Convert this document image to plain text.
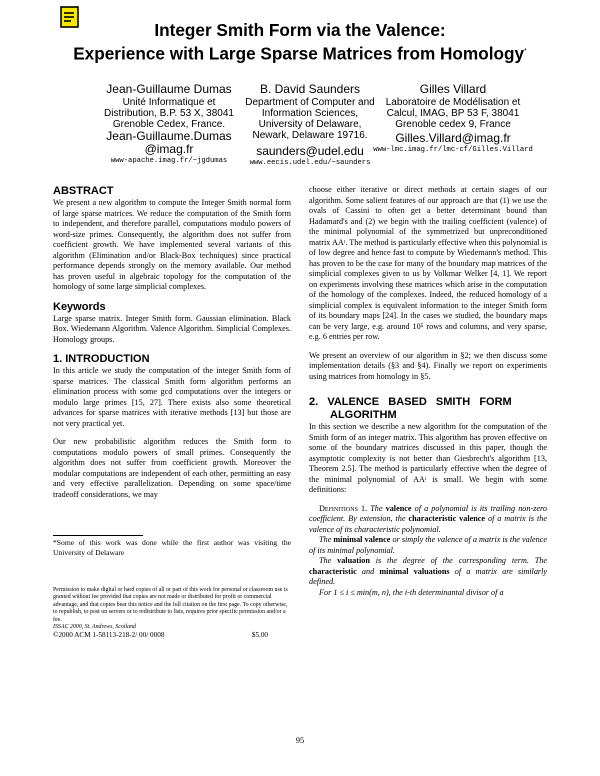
Integer Smith Form via the Valence:
Experience with Large Sparse Matrices from Homology*
Jean-Guillaume Dumas
Unité Informatique et
Distribution, B.P. 53 X, 38041
Grenoble Cedex, France.
Jean-Guillaume.Dumas
@imag.fr
www-apache.imag.fr/~jgdumas
B. David Saunders
Department of Computer and
Information Sciences,
University of Delaware,
Newark, Delaware 19716.
saunders@udel.edu
www.eecis.udel.edu/~saunders
Gilles Villard
Laboratoire de Modélisation et
Calcul, IMAG, BP 53 F, 38041
Grenoble cedex 9, France
Gilles.Villard@imag.fr
www-lmc.imag.fr/lmc-cf/Gilles.Villard
ABSTRACT

We present a new algorithm to compute the Integer Smith normal form of large sparse matrices. We reduce the computation of the Smith form to independent, and therefore parallel, computations modulo powers of word-size primes. Consequently, the algorithm does not suffer from coefficient growth. We have implemented several variants of this algorithm (Elimination and/or Black-Box techniques) since practical performance depends strongly on the memory available. Our method has proven useful in algebraic topology for the computation of the homology of some large simplicial complexes.

Keywords

Large sparse matrix. Integer Smith form. Gaussian elimination. Black Box. Wiedemann Algorithm. Valence Algorithm. Simplicial Complexes. Homology groups.

1. INTRODUCTION

In this article we study the computation of the integer Smith form of sparse matrices. The classical Smith form algorithm performs an elimination process with some gcd computations over the integers or modulo large primes [15, 27]. There exists also some theoretical advances for sparse matrices with iterative methods [13] but those are not very practical yet.

Our new probabilistic algorithm reduces the Smith form to computations modulo powers of small primes. Consequently the algorithm does not suffer from coefficient growth. Moreover the modular computations are independent of each other, permitting an easy and very effective parallelization. Depending on some space/time tradeoff considerations, we may

*Some of this work was done while the first author was visiting the University of Delaware

Permission to make digital or hard copies of all or part of this work for personal or classroom use is granted without fee provided that copies are not made or distributed for profit or commercial advantage, and that copies bear this notice and the full citation on the first page. To copy otherwise, to republish, to post on servers or to redistribute to lists, requires prior specific permission and/or a fee.

ISSAC 2000, St. Andrews, Scotland

©2000 ACM 1-58113-218-2/ 00/ 0008	$5.00

choose either iterative or direct methods at certain stages of our algorithm. Some salient features of our approach are that (1) we use the ovals of Cassini to often get a better determinant bound than Hadamard's and (2) we begin with the trailing coefficient (valence) of the minimal polynomial of the symmetrized but unpreconditioned matrix AAᵗ. The method is particularly effective when this polynomial is of low degree and hence fast to compute by Wiedemann's method. This has proven to be the case for many of the boundary map matrices of the simplicial complexes given to us by Volkmar Welker [4, 1]. We report on experiments involving these matrices which arise in the computation of the homology of the complexes. Indeed, the reduced homology of a simplicial complex is equivalent information to the integer Smith form of its boundary maps [24]. In the cases we studied, the boundary maps can be very large, e.g. around 10⁵ rows and columns, and very sparse, e.g. 6 entries per row.

We present an overview of our algorithm in §2; we then discuss some implementation details (§3 and §4). Finally we report on experiments using matrices from homology in §5.

2.   VALENCE   BASED   SMITH   FORM
ALGORITHM

In this section we describe a new algorithm for the computation of the Smith form of an integer matrix. This algorithm has proven effective on some of the boundary matrices discussed in this paper, though the asymptotic complexity is not better than Giesbrecht's algorithm [13, Theorem 2.5]. The method is particularly effective when the degree of the minimal polynomial of AAᵗ is small. We begin with some definitions:

Definitions 1. The valence of a polynomial is its trailing non-zero coefficient. By extension, the characteristic valence of a matrix is the valence of its characteristic polynomial.

The minimal valence or simply the valence of a matrix is the valence of its minimal polynomial.

The valuation is the degree of the corresponding term. The characteristic and minimal valuations of a matrix are similarly defined.

For 1 ≤ i ≤ min(m, n), the i-th determinantal divisor of a

95
